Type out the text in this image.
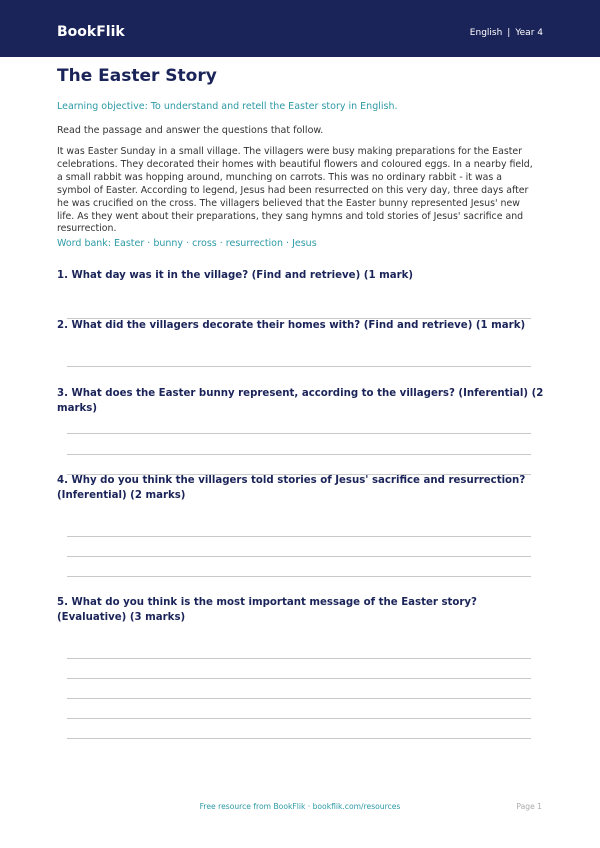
BookFlik	English | Year 4
The Easter Story
Learning objective: To understand and retell the Easter story in English.
Read the passage and answer the questions that follow.

It was Easter Sunday in a small village. The villagers were busy making preparations for the Easter celebrations. They decorated their homes with beautiful flowers and coloured eggs. In a nearby field, a small rabbit was hopping around, munching on carrots. This was no ordinary rabbit - it was a symbol of Easter. According to legend, Jesus had been resurrected on this very day, three days after he was crucified on the cross. The villagers believed that the Easter bunny represented Jesus' new life. As they went about their preparations, they sang hymns and told stories of Jesus' sacrifice and resurrection.

Word bank: Easter · bunny · cross · resurrection · Jesus
1. What day was it in the village? (Find and retrieve) (1 mark)
2. What did the villagers decorate their homes with? (Find and retrieve) (1 mark)
3. What does the Easter bunny represent, according to the villagers? (Inferential) (2 marks)
4. Why do you think the villagers told stories of Jesus' sacrifice and resurrection? (Inferential) (2 marks)
5. What do you think is the most important message of the Easter story? (Evaluative) (3 marks)
Free resource from BookFlik · bookflik.com/resources	Page 1
